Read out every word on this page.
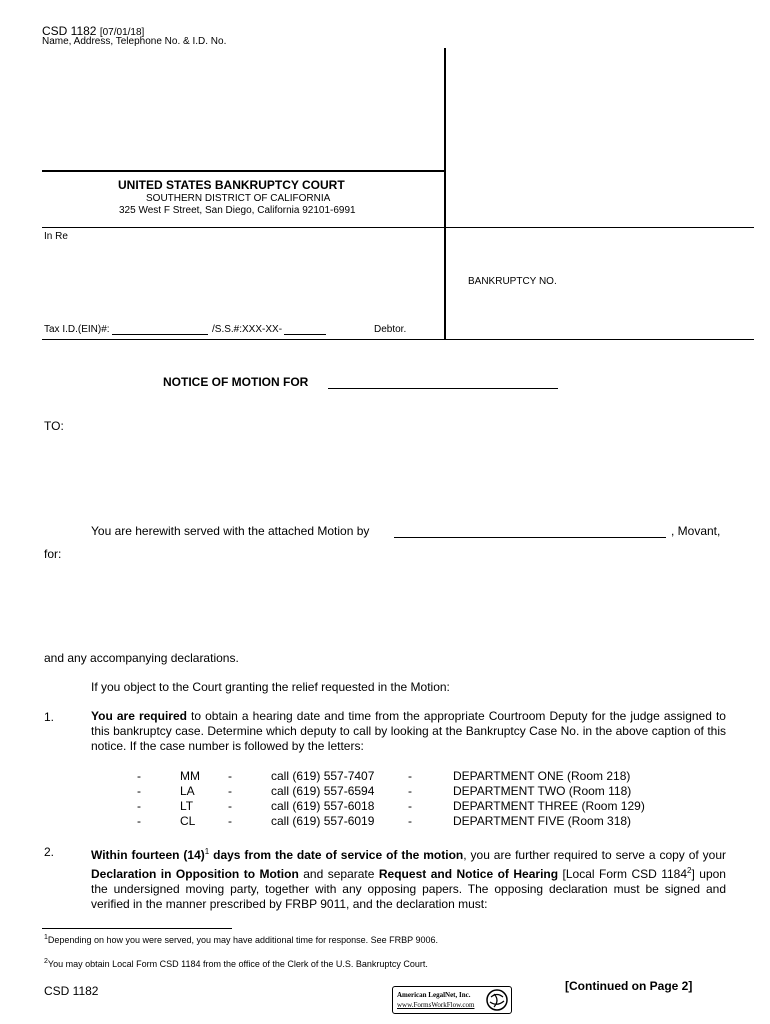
CSD 1182 [07/01/18]
Name, Address, Telephone No. & I.D. No.
UNITED STATES BANKRUPTCY COURT
SOUTHERN DISTRICT OF CALIFORNIA
325 West F Street, San Diego, California 92101-6991
In Re
BANKRUPTCY NO.
Tax I.D.(EIN)#:	/S.S.#:XXX-XX-	Debtor.
NOTICE OF MOTION FOR
TO:
You are herewith served with the attached Motion by	, Movant,
for:
and any accompanying declarations.
If you object to the Court granting the relief requested in the Motion:
1.	You are required to obtain a hearing date and time from the appropriate Courtroom Deputy for the judge assigned to this bankruptcy case. Determine which deputy to call by looking at the Bankruptcy Case No. in the above caption of this notice. If the case number is followed by the letters:
-	MM -	call (619) 557-7407	-	DEPARTMENT ONE (Room 218)
-	LA	-	call (619) 557-6594	-	DEPARTMENT TWO (Room 118)
-	LT	-	call (619) 557-6018	-	DEPARTMENT THREE (Room 129)
-	CL	-	call (619) 557-6019	-	DEPARTMENT FIVE (Room 318)
2.	Within fourteen $(14)^1$ days from the date of service of the motion, you are further required to serve a copy of your Declaration in Opposition to Motion and separate Request and Notice of Hearing [Local Form CSD 1184$^2$] upon the undersigned moving party, together with any opposing papers. The opposing declaration must be signed and verified in the manner prescribed by FRBP 9011, and the declaration must:
$^1$Depending on how you were served, you may have additional time for response. See FRBP 9006.
$^2$You may obtain Local Form CSD 1184 from the office of the Clerk of the U.S. Bankruptcy Court.
CSD 1182	[Continued on Page 2]
American LegalNet, Inc.
www.FormsWorkFlow.com
